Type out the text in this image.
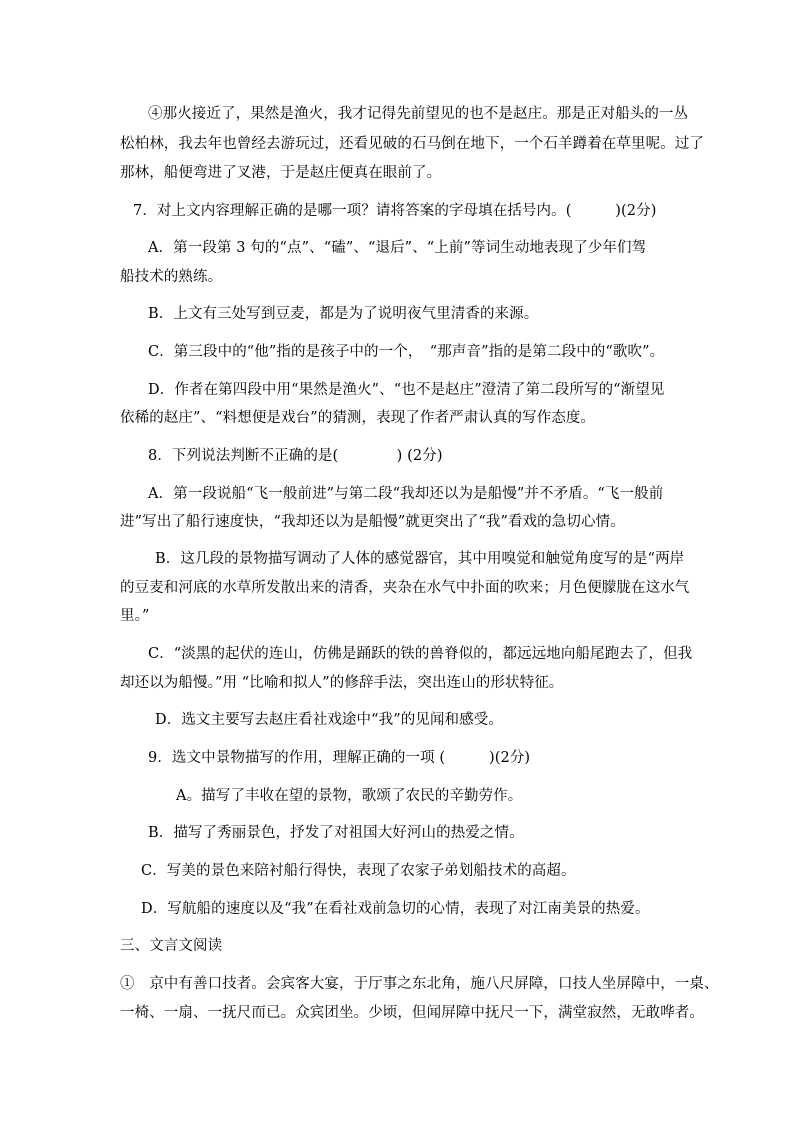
④那火接近了，果然是渔火，我才记得先前望见的也不是赵庄。那是正对船头的一丛
松柏林，我去年也曾经去游玩过，还看见破的石马倒在地下，一个石羊蹲着在草里呢。过了
那林，船便弯进了叉港，于是赵庄便真在眼前了。
7．对上文内容理解正确的是哪一项？请将答案的字母填在括号内。(　　　)(2分)
A．第一段第 3 句的“点”、“磕”、“退后”、“上前”等词生动地表现了少年们驾
船技术的熟练。
B．上文有三处写到豆麦，都是为了说明夜气里清香的来源。
C．第三段中的“他”指的是孩子中的一个，　“那声音”指的是第二段中的“歌吹”。
D．作者在第四段中用“果然是渔火”、“也不是赵庄”澄清了第二段所写的“渐望见
依稀的赵庄”、“料想便是戏台”的猜测，表现了作者严肃认真的写作态度。
8．下列说法判断不正确的是(　　　　) (2分)
A．第一段说船“飞一般前进”与第二段“我却还以为是船慢”并不矛盾。“飞一般前
进”写出了船行速度快，“我却还以为是船慢”就更突出了“我”看戏的急切心情。
B．这几段的景物描写调动了人体的感觉器官，其中用嗅觉和触觉角度写的是“两岸
的豆麦和河底的水草所发散出来的清香，夹杂在水气中扑面的吹来；月色便朦胧在这水气
里。”
C．“淡黑的起伏的连山，仿佛是踊跃的铁的兽脊似的，都远远地向船尾跑去了，但我
却还以为船慢。”用 “比喻和拟人”的修辞手法，突出连山的形状特征。
D．选文主要写去赵庄看社戏途中“我”的见闻和感受。
9．选文中景物描写的作用，理解正确的一项 (　　　)(2分)
A。描写了丰收在望的景物，歌颂了农民的辛勤劳作。
B．描写了秀丽景色，抒发了对祖国大好河山的热爱之情。
C．写美的景色来陪衬船行得快，表现了农家子弟划船技术的高超。
D．写航船的速度以及“我”在看社戏前急切的心情，表现了对江南美景的热爱。
三、文言文阅读
①　京中有善口技者。会宾客大宴，于厅事之东北角，施八尺屏障，口技人坐屏障中，一桌、
一椅、一扇、一抚尺而已。众宾团坐。少顷，但闻屏障中抚尺一下，满堂寂然，无敢哗者。
